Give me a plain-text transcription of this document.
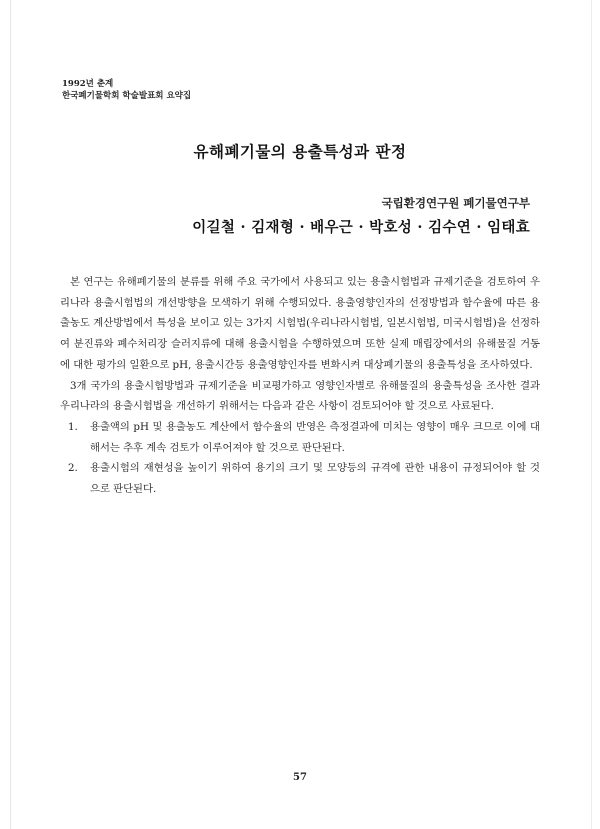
1992년 춘계
한국폐기물학회 학술발표회 요약집
유해폐기물의 용출특성과 판정
국립환경연구원 폐기물연구부
이길철 · 김재형 · 배우근 · 박호성 · 김수연 · 임태효

본 연구는 유해폐기물의 분류를 위해 주요 국가에서 사용되고 있는 용출시험법과 규제기준을 검토하여 우리나라 용출시험법의 개선방향을 모색하기 위해 수행되었다. 용출영향인자의 선정방법과 함수율에 따른 용출농도 계산방법에서 특성을 보이고 있는 3가지 시험법(우리나라시험법, 일본시험법, 미국시험법)을 선정하여 분진류와 폐수처리장 슬러지류에 대해 용출시험을 수행하였으며 또한 실제 매립장에서의 유해물질 거동에 대한 평가의 일환으로 pH, 용출시간등 용출영향인자를 변화시켜 대상폐기물의 용출특성을 조사하였다.

3개 국가의 용출시험방법과 규제기준을 비교평가하고 영향인자별로 유해물질의 용출특성을 조사한 결과 우리나라의 용출시험법을 개선하기 위해서는 다음과 같은 사항이 검토되어야 할 것으로 사료된다.

1. 용출액의 pH 및 용출농도 계산에서 함수율의 반영은 측정결과에 미치는 영향이 매우 크므로 이에 대해서는 추후 계속 검토가 이루어져야 할 것으로 판단된다.
2. 용출시험의 재현성을 높이기 위하여 용기의 크기 및 모양등의 규격에 관한 내용이 규정되어야 할 것으로 판단된다.
57
